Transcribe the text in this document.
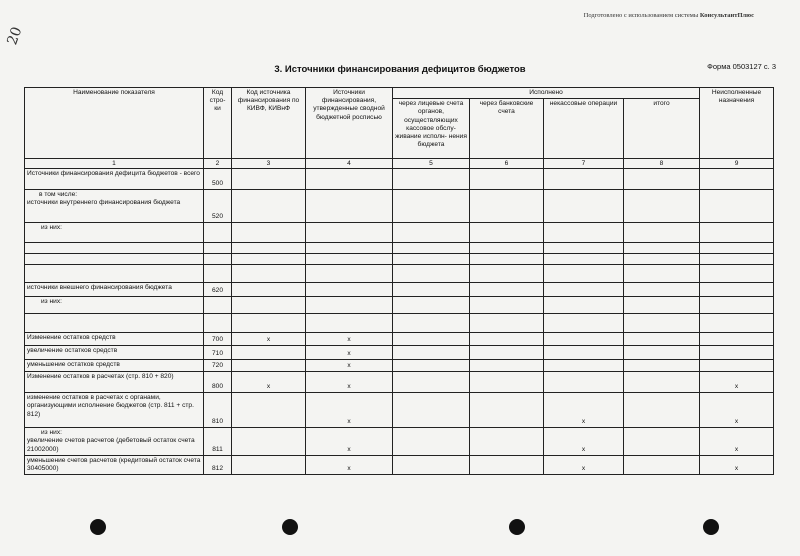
Подготовлено с использованием системы КонсультантПлюс
20
Форма 0503127 с. 3
3. Источники финансирования дефицитов бюджетов
Наименование показателя	Код стро- ки	Код источника финансирования по КИВФ, КИВнФ	Источники финансирования, утвержденные сводной бюджетной росписью	Исполнено				Неисполненные назначения
				через лицевые счета органов, осуществляющих кассовое обслу- живание исполн- нения бюджета	через банковские счета	некассовые операции	итого	
1	2	3	4	5	6	7	8	9

Источники финансирования дефицита бюджетов - всего	500							

в том числе:
источники внутреннего финансирования бюджета	520							

из них:								

источники внешнего финансирования бюджета	620							

из них:								

Изменение остатков средств	700	x	x					

увеличение остатков средств	710		x					

уменьшение остатков средств	720		x					

Изменение остатков в расчетах (стр. 810 + 820)	800	x	x					x

изменение остатков в расчетах с органами, организующими исполнение бюджетов (стр. 811 + стр. 812)	810		x			x		x

из них:
увеличение счетов расчетов (дебетовый остаток счета 21002000)	811		x			x		x

уменьшение счетов расчетов (кредитовый остаток счета 30405000)	812		x			x		x
